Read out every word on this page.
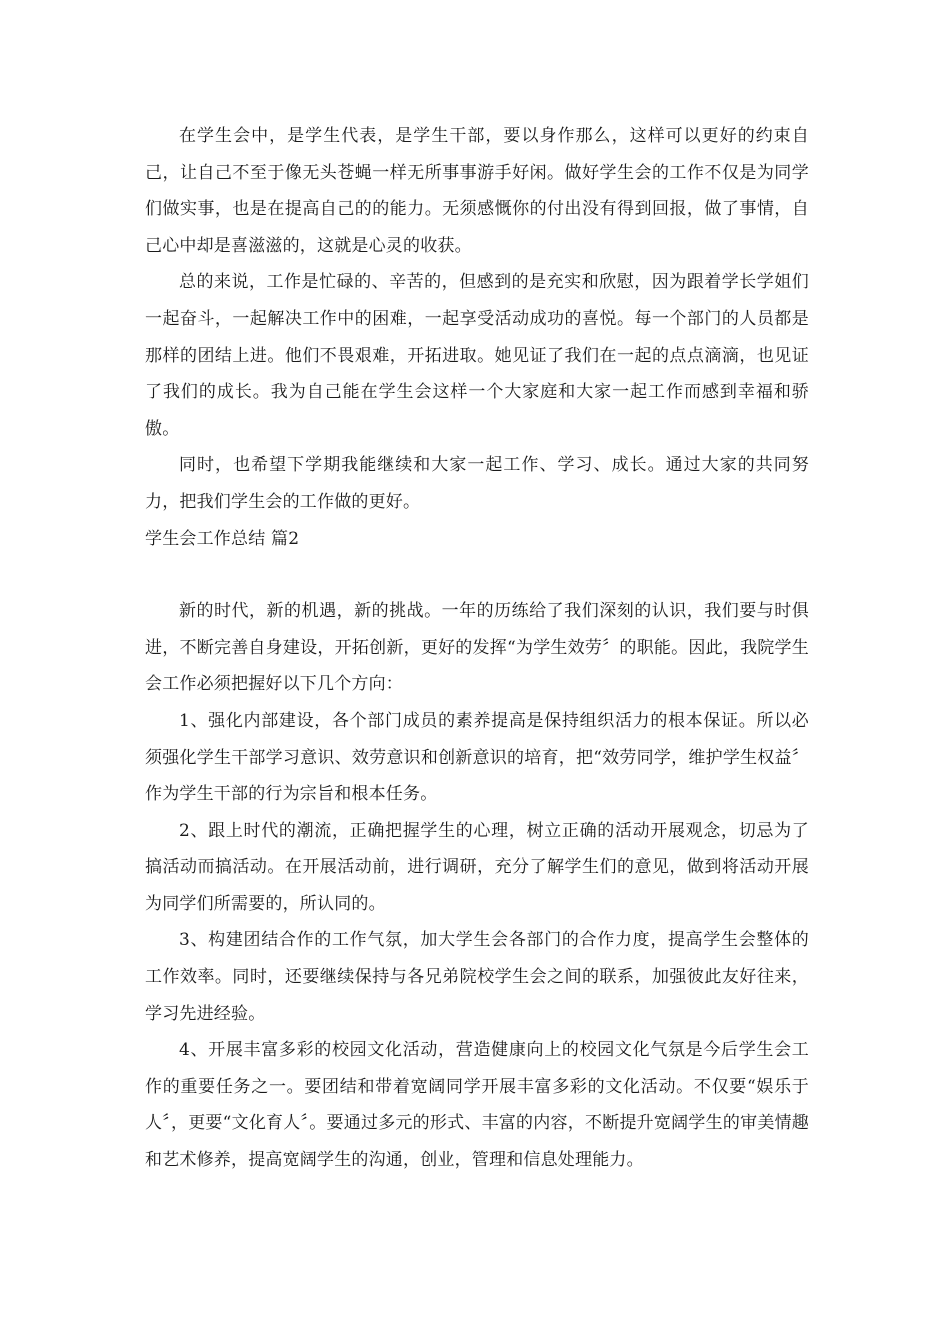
在学生会中，是学生代表，是学生干部，要以身作那么，这样可以更好的约束自己，让自己不至于像无头苍蝇一样无所事事游手好闲。做好学生会的工作不仅是为同学们做实事，也是在提高自己的的能力。无须感慨你的付出没有得到回报，做了事情，自己心中却是喜滋滋的，这就是心灵的收获。

总的来说，工作是忙碌的、辛苦的，但感到的是充实和欣慰，因为跟着学长学姐们一起奋斗，一起解决工作中的困难，一起享受活动成功的喜悦。每一个部门的人员都是那样的团结上进。他们不畏艰难，开拓进取。她见证了我们在一起的点点滴滴，也见证了我们的成长。我为自己能在学生会这样一个大家庭和大家一起工作而感到幸福和骄傲。

同时，也希望下学期我能继续和大家一起工作、学习、成长。通过大家的共同努力，把我们学生会的工作做的更好。

学生会工作总结 篇2

新的时代，新的机遇，新的挑战。一年的历练给了我们深刻的认识，我们要与时俱进，不断完善自身建设，开拓创新，更好的发挥“为学生效劳〞的职能。因此，我院学生会工作必须把握好以下几个方向：

1、强化内部建设，各个部门成员的素养提高是保持组织活力的根本保证。所以必须强化学生干部学习意识、效劳意识和创新意识的培育，把“效劳同学，维护学生权益〞作为学生干部的行为宗旨和根本任务。

2、跟上时代的潮流，正确把握学生的心理，树立正确的活动开展观念，切忌为了搞活动而搞活动。在开展活动前，进行调研，充分了解学生们的意见，做到将活动开展为同学们所需要的，所认同的。

3、构建团结合作的工作气氛，加大学生会各部门的合作力度，提高学生会整体的工作效率。同时，还要继续保持与各兄弟院校学生会之间的联系，加强彼此友好往来，学习先进经验。

4、开展丰富多彩的校园文化活动，营造健康向上的校园文化气氛是今后学生会工作的重要任务之一。要团结和带着宽阔同学开展丰富多彩的文化活动。不仅要“娱乐于人〞，更要“文化育人〞。要通过多元的形式、丰富的内容，不断提升宽阔学生的审美情趣和艺术修养，提高宽阔学生的沟通，创业，管理和信息处理能力。
